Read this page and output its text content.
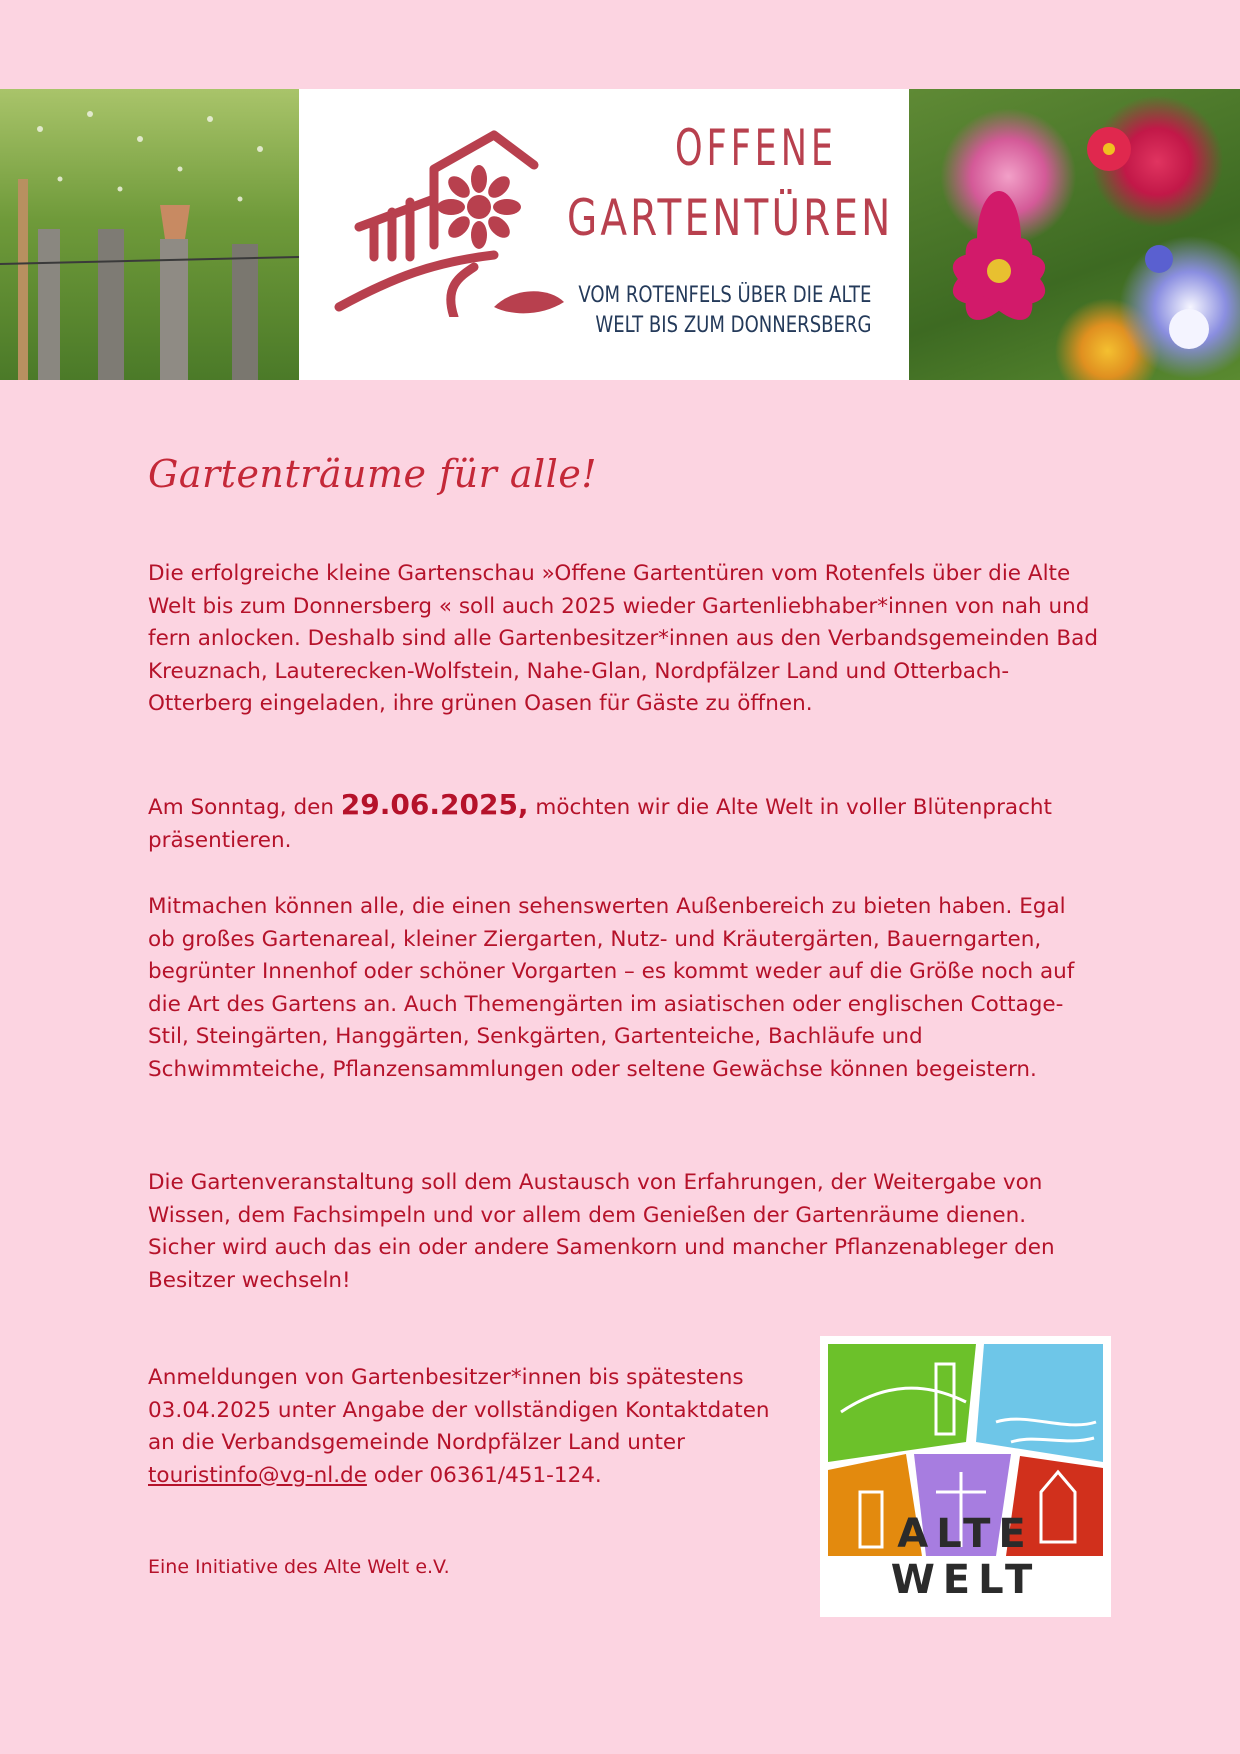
OFFENE
GARTENTÜREN
VOM ROTENFELS ÜBER DIE ALTE
WELT BIS ZUM DONNERSBERG
Gartenträume für alle!

Die erfolgreiche kleine Gartenschau »Offene Gartentüren vom Rotenfels über die Alte Welt bis zum Donnersberg « soll auch 2025 wieder Gartenliebhaber*innen von nah und fern anlocken. Deshalb sind alle Gartenbesitzer*innen aus den Verbandsgemeinden Bad Kreuznach, Lauterecken-Wolfstein, Nahe-Glan, Nordpfälzer Land und Otterbach-Otterberg eingeladen, ihre grünen Oasen für Gäste zu öffnen.

Am Sonntag, den 29.06.2025, möchten wir die Alte Welt in voller Blütenpracht präsentieren.

Mitmachen können alle, die einen sehenswerten Außenbereich zu bieten haben. Egal ob großes Gartenareal, kleiner Ziergarten, Nutz- und Kräutergärten, Bauerngarten, begrünter Innenhof oder schöner Vorgarten – es kommt weder auf die Größe noch auf die Art des Gartens an. Auch Themengärten im asiatischen oder englischen Cottage-Stil, Steingärten, Hanggärten, Senkgärten, Gartenteiche, Bachläufe und Schwimmteiche, Pflanzensammlungen oder seltene Gewächse können begeistern.

Die Gartenveranstaltung soll dem Austausch von Erfahrungen, der Weitergabe von Wissen, dem Fachsimpeln und vor allem dem Genießen der Gartenräume dienen. Sicher wird auch das ein oder andere Samenkorn und mancher Pflanzenableger den Besitzer wechseln!

Anmeldungen von Gartenbesitzer*innen bis spätestens 03.04.2025 unter Angabe der vollständigen Kontaktdaten an die Verbandsgemeinde Nordpfälzer Land unter touristinfo@vg-nl.de oder 06361/451-124.

Eine Initiative des Alte Welt e.V.
ALTE WELT
